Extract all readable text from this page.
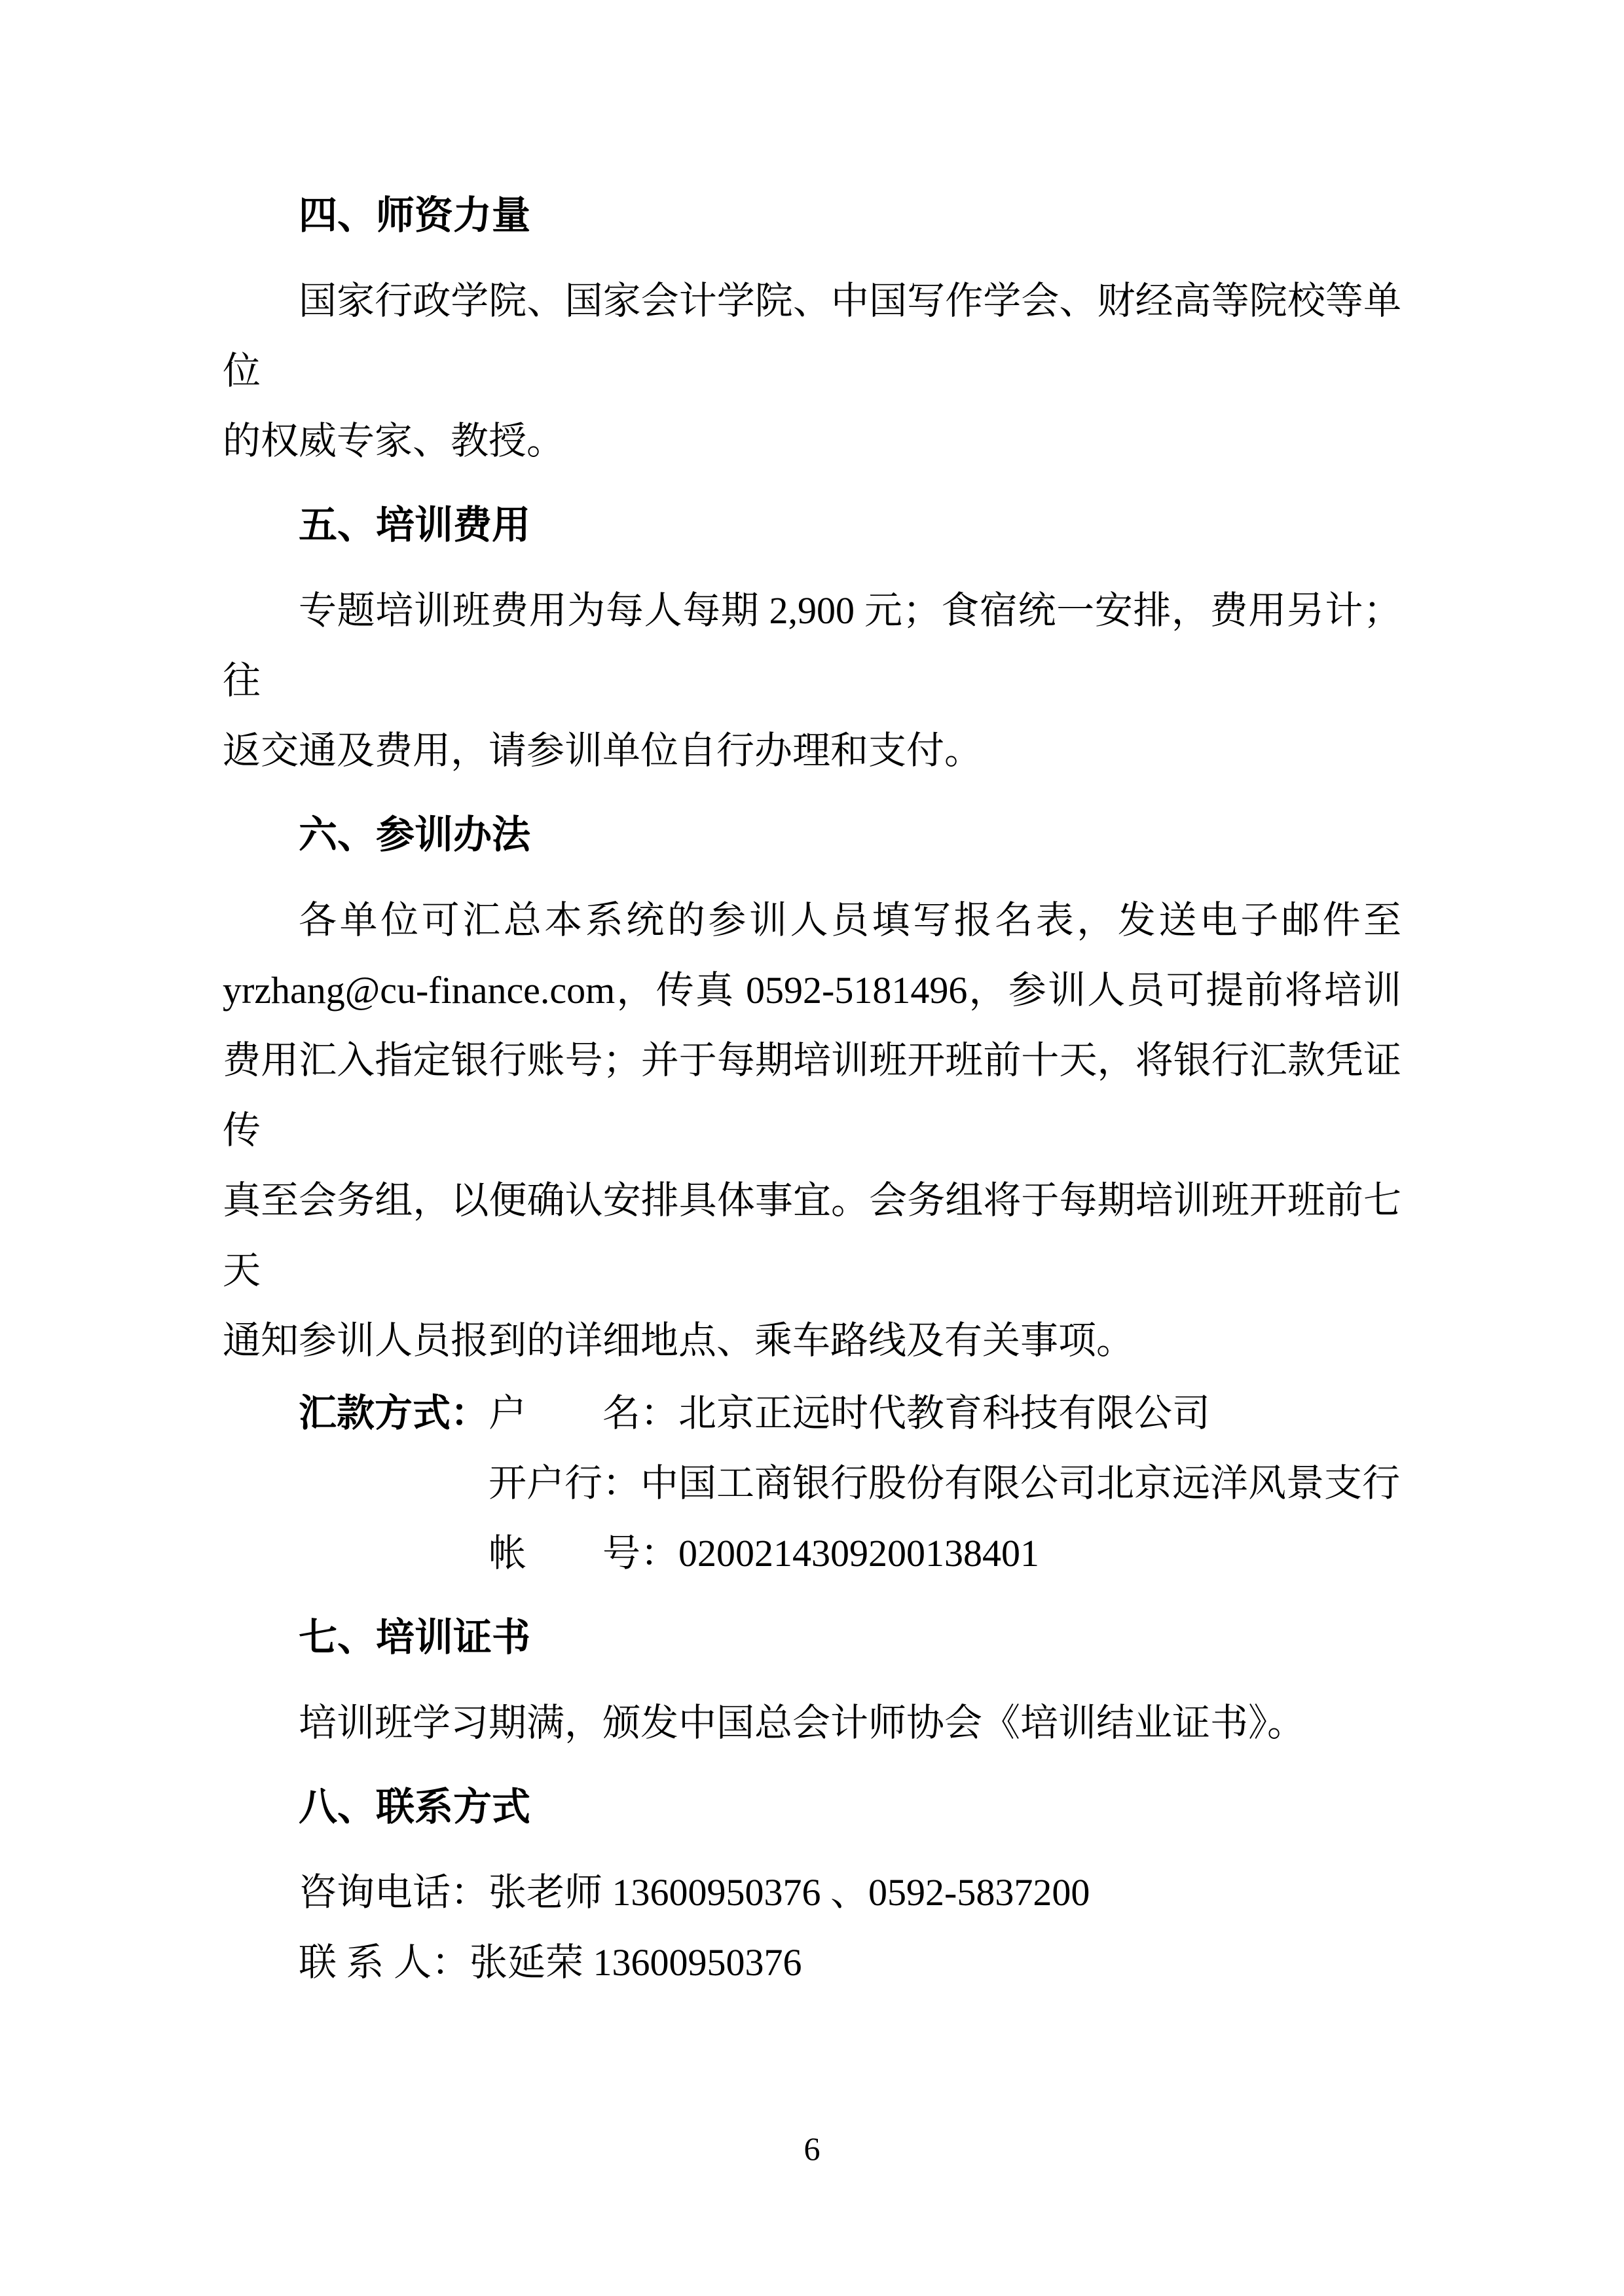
四、师资力量
国家行政学院、国家会计学院、中国写作学会、财经高等院校等单位
的权威专家、教授。
五、培训费用
专题培训班费用为每人每期 2,900 元；食宿统一安排，费用另计；往
返交通及费用，请参训单位自行办理和支付。
六、参训办法
各单位可汇总本系统的参训人员填写报名表，发送电子邮件至
yrzhang@cu-finance.com，传真 0592-5181496，参训人员可提前将培训
费用汇入指定银行账号；并于每期培训班开班前十天，将银行汇款凭证传
真至会务组，以便确认安排具体事宜。会务组将于每期培训班开班前七天
通知参训人员报到的详细地点、乘车路线及有关事项。
汇款方式：户　　名：北京正远时代教育科技有限公司
开户行：中国工商银行股份有限公司北京远洋风景支行
帐　　号：0200214309200138401
七、培训证书
培训班学习期满，颁发中国总会计师协会《培训结业证书》。
八、联系方式
咨询电话：张老师 13600950376 、0592-5837200
联 系 人：张延荣 13600950376
6
